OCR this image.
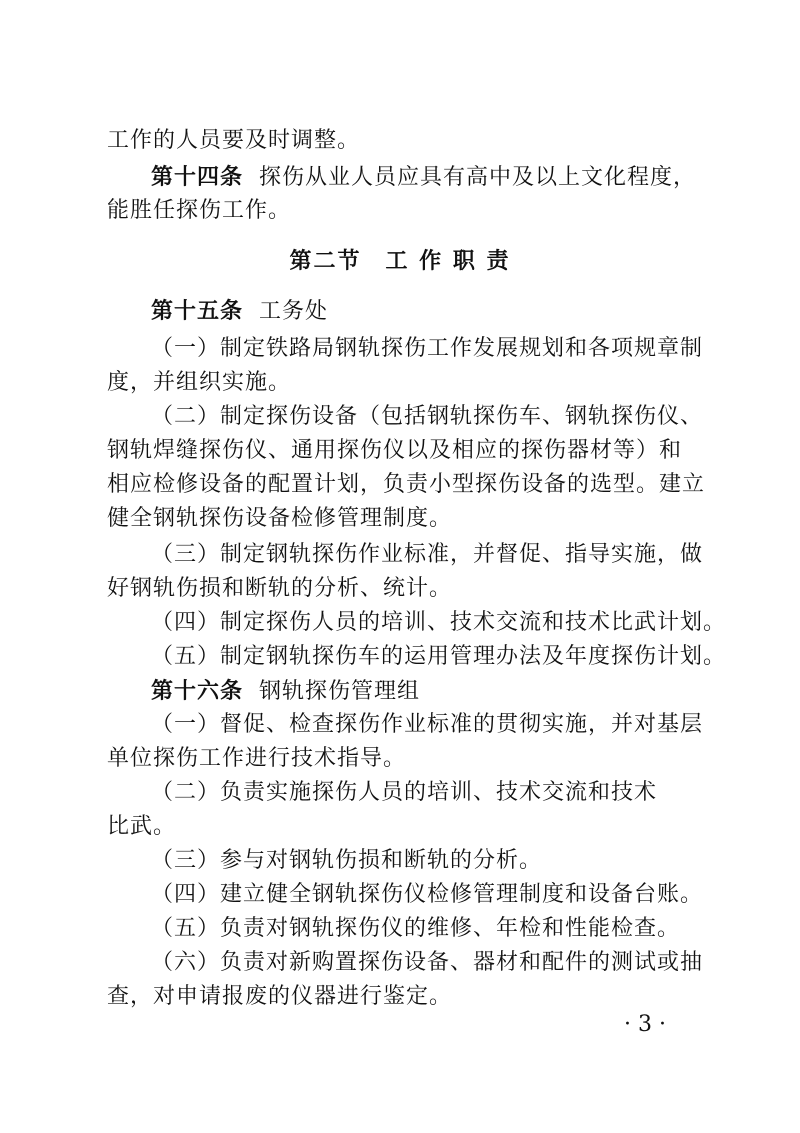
工作的人员要及时调整。
第十四条 探伤从业人员应具有高中及以上文化程度，
能胜任探伤工作。
第二节 工 作 职 责
第十五条 工务处
（一）制定铁路局钢轨探伤工作发展规划和各项规章制
度，并组织实施。
（二）制定探伤设备（包括钢轨探伤车、钢轨探伤仪、
钢轨焊缝探伤仪、通用探伤仪以及相应的探伤器材等）和
相应检修设备的配置计划，负责小型探伤设备的选型。建立
健全钢轨探伤设备检修管理制度。
（三）制定钢轨探伤作业标准，并督促、指导实施，做
好钢轨伤损和断轨的分析、统计。
（四）制定探伤人员的培训、技术交流和技术比武计划。
（五）制定钢轨探伤车的运用管理办法及年度探伤计划。
第十六条 钢轨探伤管理组
（一）督促、检查探伤作业标准的贯彻实施，并对基层
单位探伤工作进行技术指导。
（二）负责实施探伤人员的培训、技术交流和技术
比武。
（三）参与对钢轨伤损和断轨的分析。
（四）建立健全钢轨探伤仪检修管理制度和设备台账。
（五）负责对钢轨探伤仪的维修、年检和性能检查。
（六）负责对新购置探伤设备、器材和配件的测试或抽
查，对申请报废的仪器进行鉴定。
· 3 ·
